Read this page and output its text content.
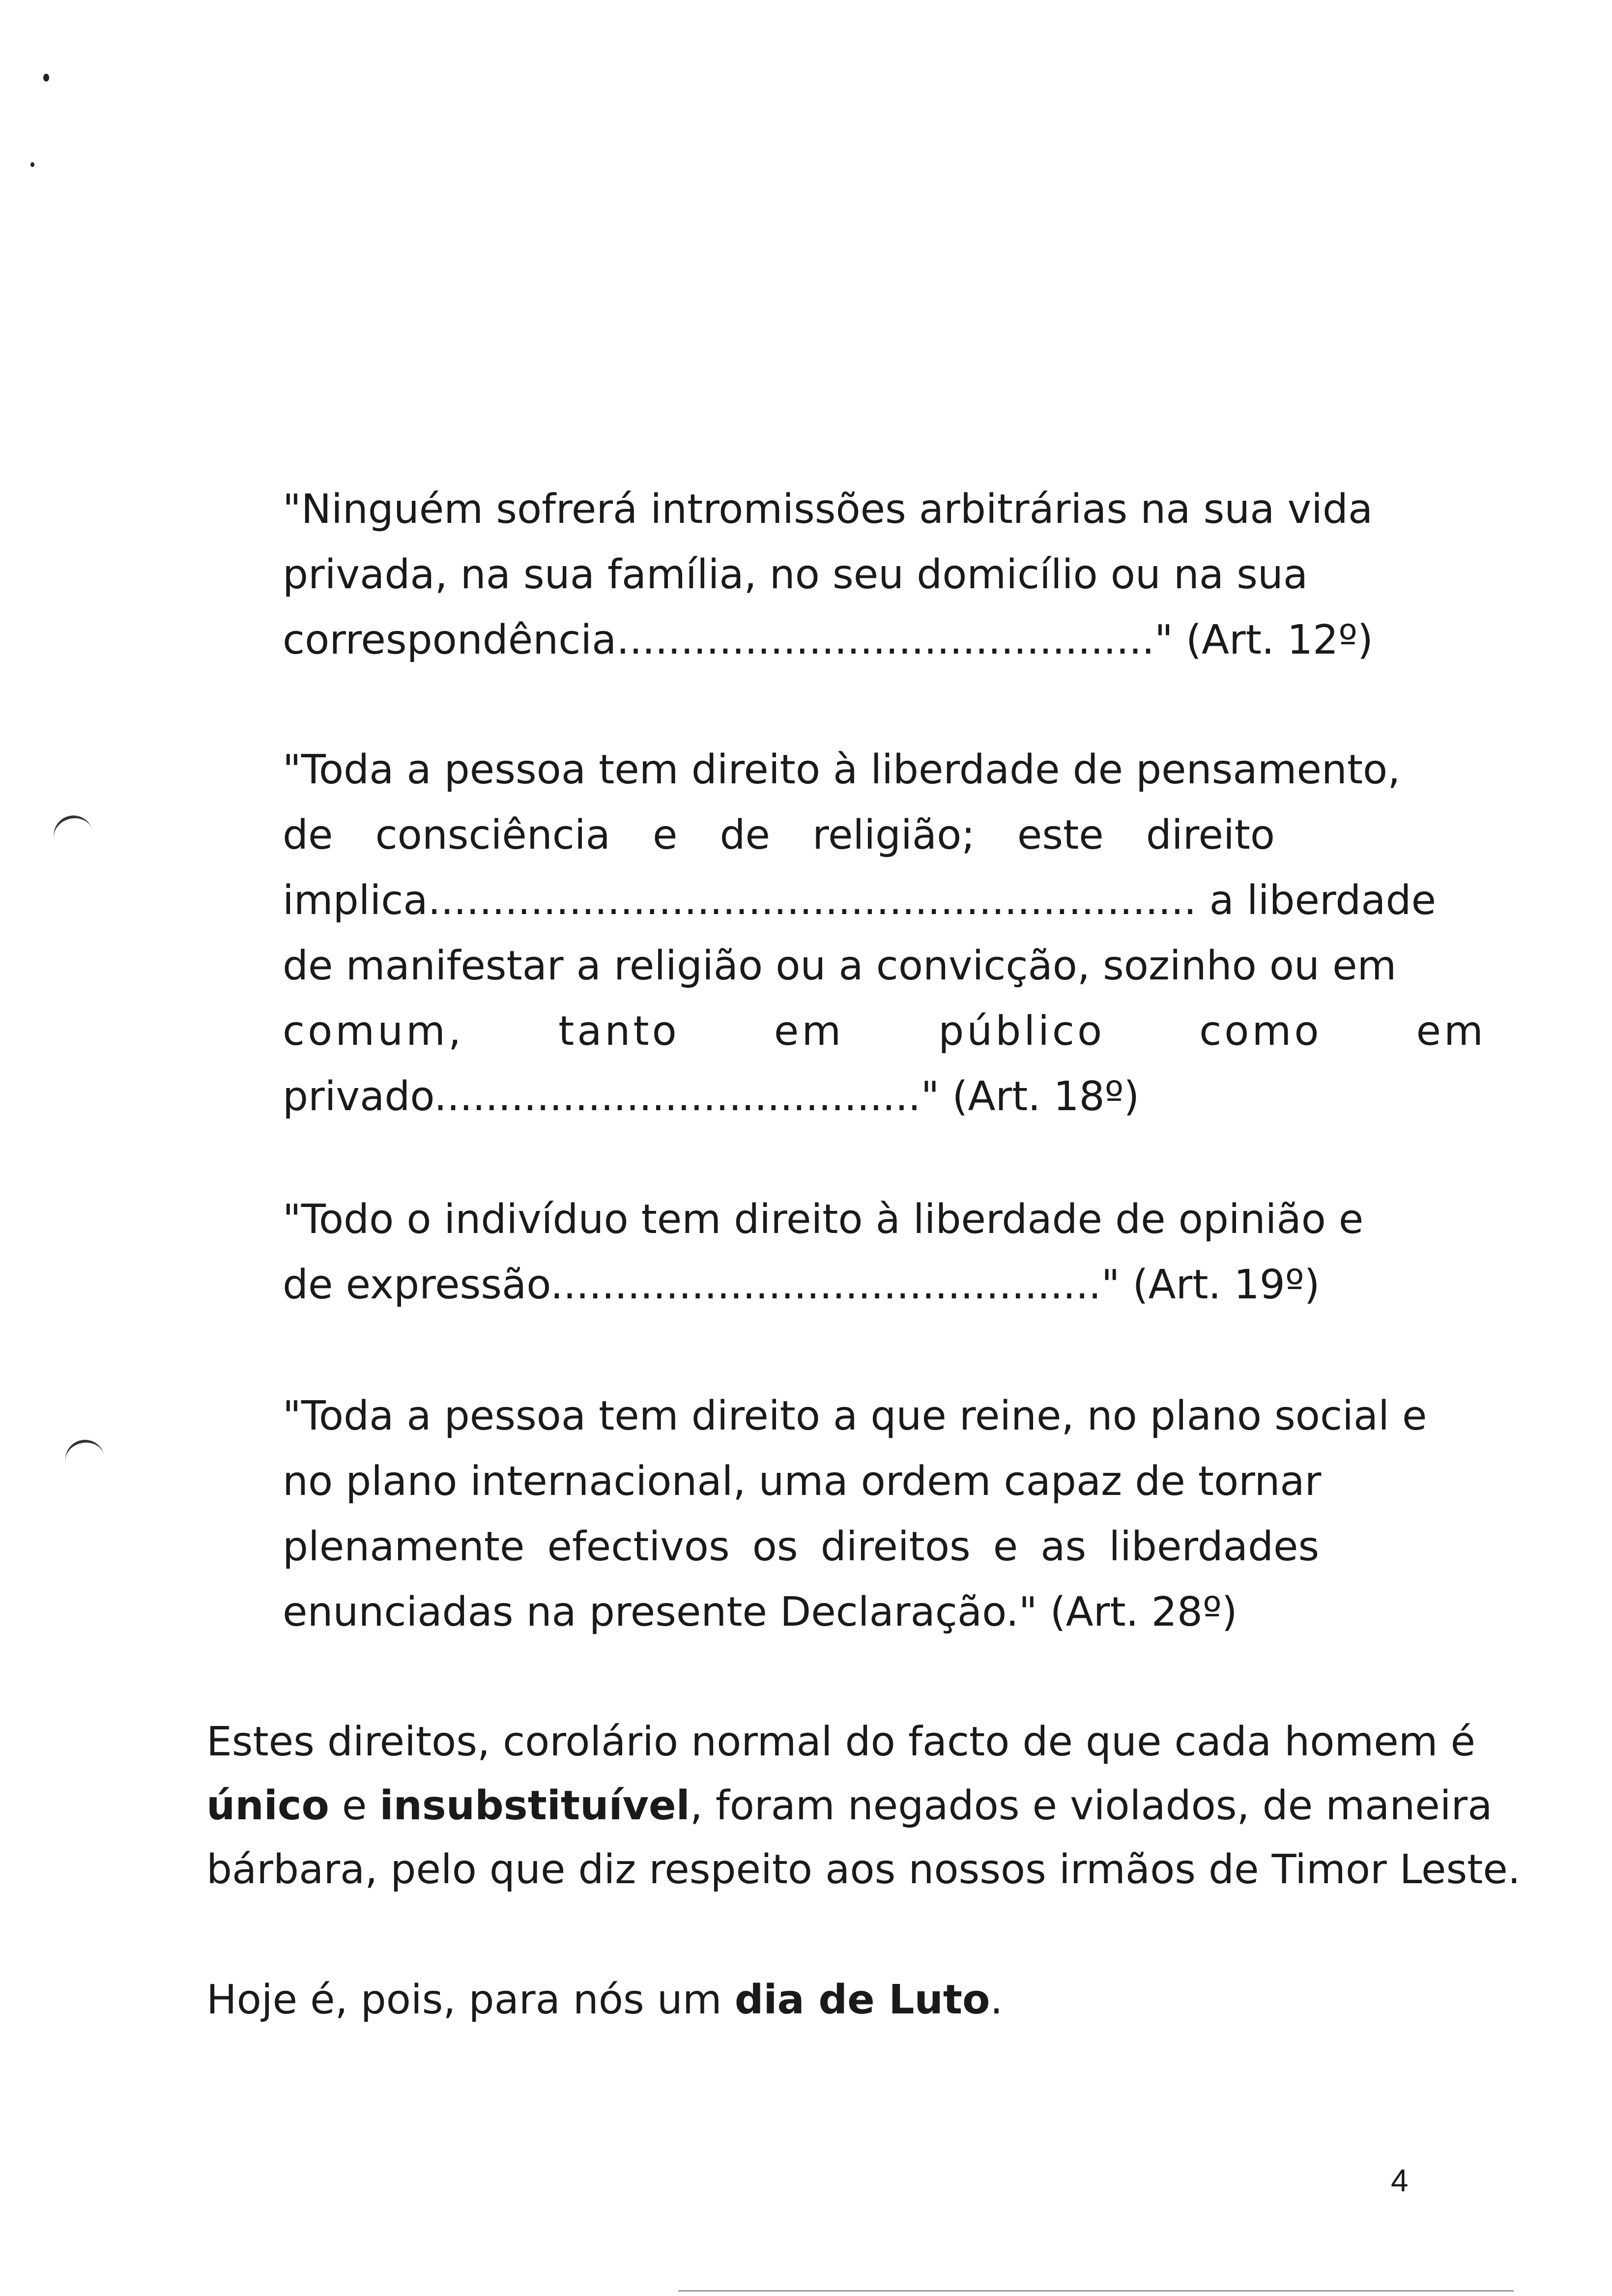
"Ninguém sofrerá intromissões arbitrárias na sua vida
privada, na sua família, no seu domicílio ou na sua
correspondência.........................................." (Art. 12º)
"Toda a pessoa tem direito à liberdade de pensamento,
de consciência e de religião; este direito
implica............................................................ a liberdade
de manifestar a religião ou a convicção, sozinho ou em
comum, tanto em público como em
privado......................................" (Art. 18º)
"Todo o indivíduo tem direito à liberdade de opinião e
de expressão..........................................." (Art. 19º)
"Toda a pessoa tem direito a que reine, no plano social e
no plano internacional, uma ordem capaz de tornar
plenamente efectivos os direitos e as liberdades
enunciadas na presente Declaração." (Art. 28º)
Estes direitos, corolário normal do facto de que cada homem é
único e insubstituível, foram negados e violados, de maneira
bárbara, pelo que diz respeito aos nossos irmãos de Timor Leste.
Hoje é, pois, para nós um dia de Luto.
4
